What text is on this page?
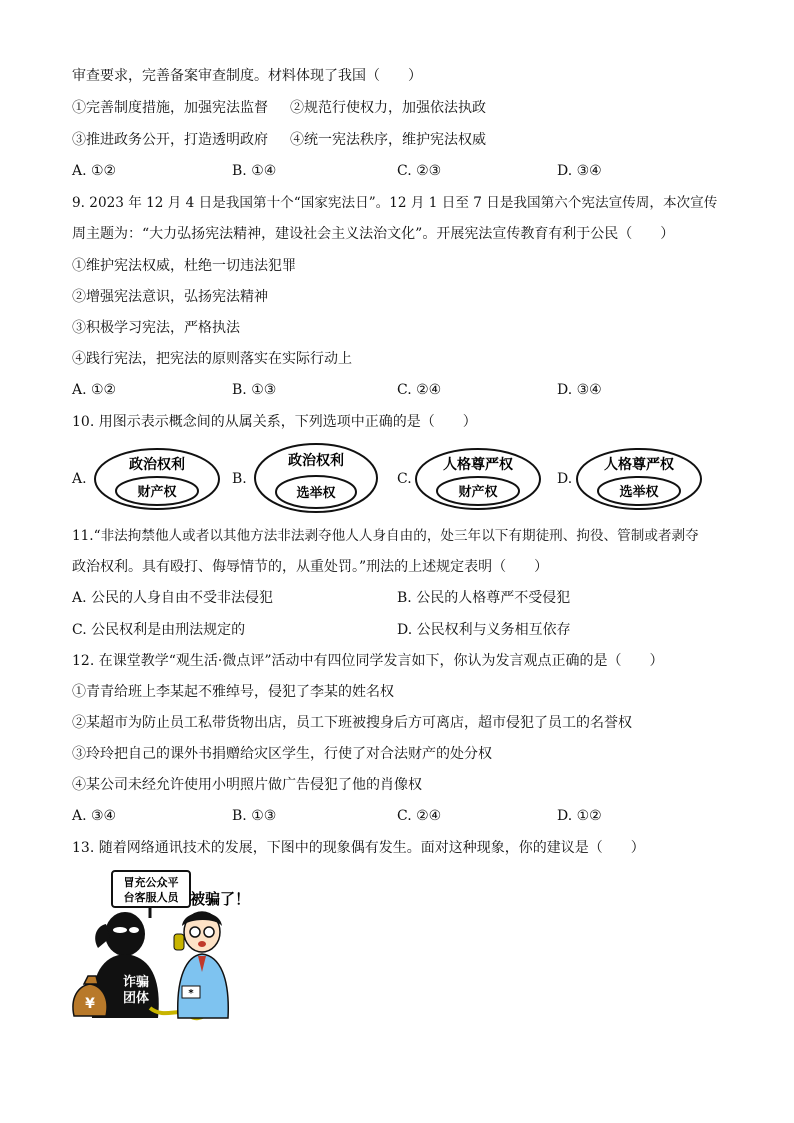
审查要求，完善备案审查制度。材料体现了我国（　　）
①完善制度措施，加强宪法监督 ②规范行使权力，加强依法执政
③推进政务公开，打造透明政府 ④统一宪法秩序，维护宪法权威
A. ①②	B. ①④	C. ②③	D. ③④
9. 2023 年 12 月 4 日是我国第十个“国家宪法日”。12 月 1 日至 7 日是我国第六个宪法宣传周，本次宣传
周主题为：“大力弘扬宪法精神，建设社会主义法治文化”。开展宪法宣传教育有利于公民（　　）
①维护宪法权威，杜绝一切违法犯罪
②增强宪法意识，弘扬宪法精神
③积极学习宪法，严格执法
④践行宪法，把宪法的原则落实在实际行动上
A. ①②	B. ①③	C. ②④	D. ③④
10. 用图示表示概念间的从属关系，下列选项中正确的是（　　）
A.
政治权利
财产权
B.
政治权利
选举权
C.
人格尊严权
财产权
D.
人格尊严权
选举权
11.“非法拘禁他人或者以其他方法非法剥夺他人人身自由的，处三年以下有期徒刑、拘役、管制或者剥夺
政治权利。具有殴打、侮辱情节的，从重处罚。”刑法的上述规定表明（　　）
A. 公民的人身自由不受非法侵犯	B. 公民的人格尊严不受侵犯
C. 公民权利是由刑法规定的	D. 公民权利与义务相互依存
12. 在课堂教学“观生活·微点评”活动中有四位同学发言如下，你认为发言观点正确的是（　　）
①青青给班上李某起不雅绰号，侵犯了李某的姓名权
②某超市为防止员工私带货物出店，员工下班被搜身后方可离店，超市侵犯了员工的名誉权
③玲玲把自己的课外书捐赠给灾区学生，行使了对合法财产的处分权
④某公司未经允许使用小明照片做广告侵犯了他的肖像权
A. ③④	B. ①③	C. ②④	D. ①②
13. 随着网络通讯技术的发展，下图中的现象偶有发生。面对这种现象，你的建议是（　　）
冒充公众平
台客服人员 被骗了！
¥
诈骗
团体	*
